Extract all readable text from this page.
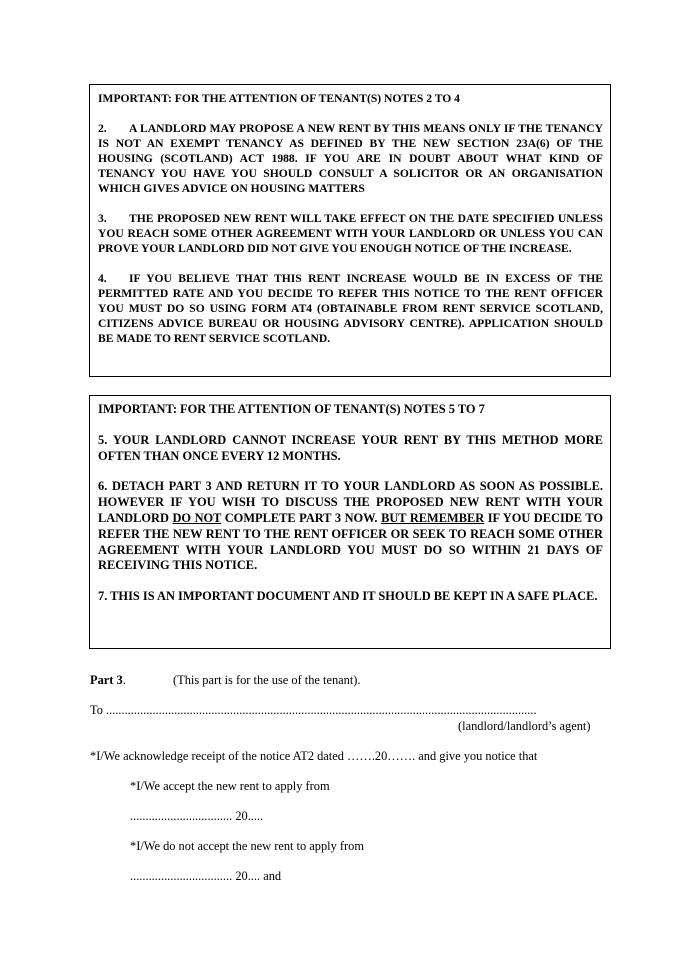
IMPORTANT: FOR THE ATTENTION OF TENANT(S) NOTES 2 TO 4

2. A LANDLORD MAY PROPOSE A NEW RENT BY THIS MEANS ONLY IF THE TENANCY IS NOT AN EXEMPT TENANCY AS DEFINED BY THE NEW SECTION 23A(6) OF THE HOUSING (SCOTLAND) ACT 1988. IF YOU ARE IN DOUBT ABOUT WHAT KIND OF TENANCY YOU HAVE YOU SHOULD CONSULT A SOLICITOR OR AN ORGANISATION WHICH GIVES ADVICE ON HOUSING MATTERS

3. THE PROPOSED NEW RENT WILL TAKE EFFECT ON THE DATE SPECIFIED UNLESS YOU REACH SOME OTHER AGREEMENT WITH YOUR LANDLORD OR UNLESS YOU CAN PROVE YOUR LANDLORD DID NOT GIVE YOU ENOUGH NOTICE OF THE INCREASE.

4. IF YOU BELIEVE THAT THIS RENT INCREASE WOULD BE IN EXCESS OF THE PERMITTED RATE AND YOU DECIDE TO REFER THIS NOTICE TO THE RENT OFFICER YOU MUST DO SO USING FORM AT4 (OBTAINABLE FROM RENT SERVICE SCOTLAND, CITIZENS ADVICE BUREAU OR HOUSING ADVISORY CENTRE). APPLICATION SHOULD BE MADE TO RENT SERVICE SCOTLAND.

IMPORTANT: FOR THE ATTENTION OF TENANT(S) NOTES 5 TO 7

5. YOUR LANDLORD CANNOT INCREASE YOUR RENT BY THIS METHOD MORE OFTEN THAN ONCE EVERY 12 MONTHS.

6. DETACH PART 3 AND RETURN IT TO YOUR LANDLORD AS SOON AS POSSIBLE. HOWEVER IF YOU WISH TO DISCUSS THE PROPOSED NEW RENT WITH YOUR LANDLORD DO NOT COMPLETE PART 3 NOW. BUT REMEMBER IF YOU DECIDE TO REFER THE NEW RENT TO THE RENT OFFICER OR SEEK TO REACH SOME OTHER AGREEMENT WITH YOUR LANDLORD YOU MUST DO SO WITHIN 21 DAYS OF RECEIVING THIS NOTICE.

7. THIS IS AN IMPORTANT DOCUMENT AND IT SHOULD BE KEPT IN A SAFE PLACE.

Part 3.	(This part is for the use of the tenant).
To ...........................................................................................................................................
(landlord/landlord’s agent)
*I/We acknowledge receipt of the notice AT2 dated …….20……. and give you notice that
*I/We accept the new rent to apply from
................................. 20.....
*I/We do not accept the new rent to apply from
................................. 20.... and
